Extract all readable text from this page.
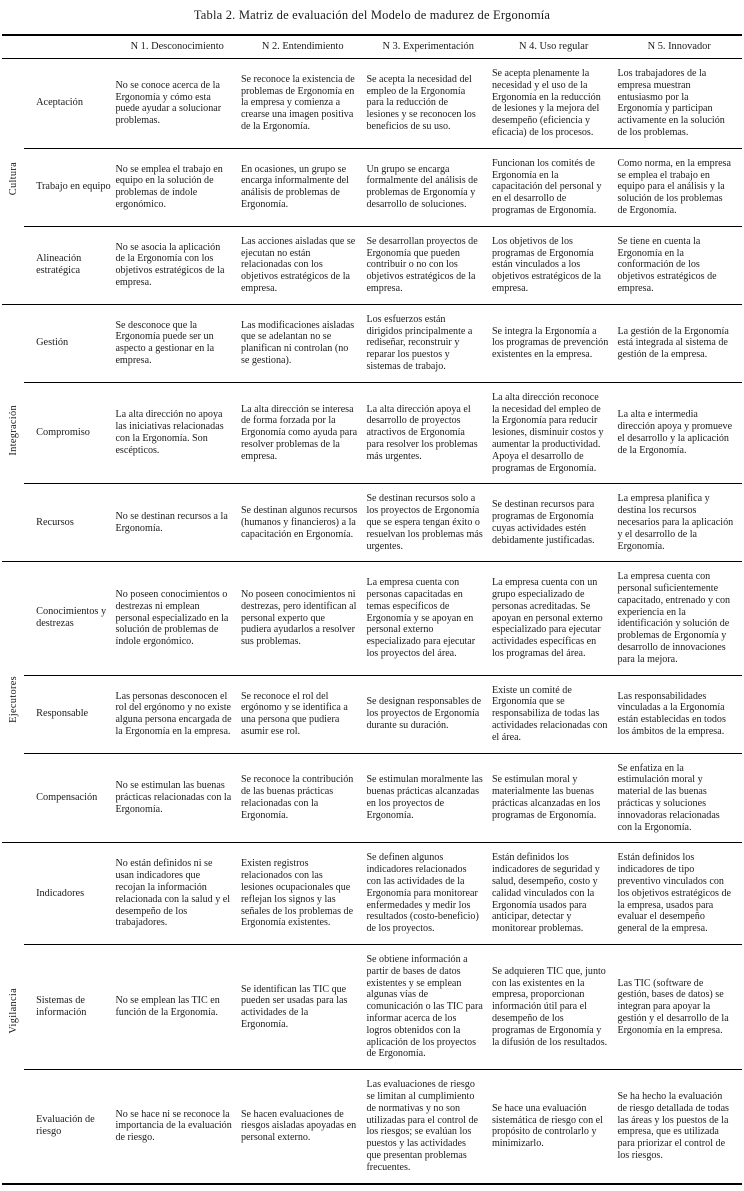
Tabla 2. Matriz de evaluación del Modelo de madurez de Ergonomía
		N 1. Desconocimiento	N 2. Entendimiento	N 3. Experimentación	N 4. Uso regular	N 5. Innovador
Cultura	Aceptación	No se conoce acerca de la Ergonomía y cómo esta puede ayudar a solucionar problemas.	Se reconoce la existencia de problemas de Ergonomía en la empresa y comienza a crearse una imagen positiva de la Ergonomía.	Se acepta la necesidad del empleo de la Ergonomía para la reducción de lesiones y se reconocen los beneficios de su uso.	Se acepta plenamente la necesidad y el uso de la Ergonomía en la reducción de lesiones y la mejora del desempeño (eficiencia y eficacia) de los procesos.	Los trabajadores de la empresa muestran entusiasmo por la Ergonomía y participan activamente en la solución de los problemas.
	Trabajo en equipo	No se emplea el trabajo en equipo en la solución de problemas de índole ergonómico.	En ocasiones, un grupo se encarga informalmente del análisis de problemas de Ergonomía.	Un grupo se encarga formalmente del análisis de problemas de Ergonomía y desarrollo de soluciones.	Funcionan los comités de Ergonomía en la capacitación del personal y en el desarrollo de programas de Ergonomía.	Como norma, en la empresa se emplea el trabajo en equipo para el análisis y la solución de los problemas de Ergonomía.
	Alineación estratégica	No se asocia la aplicación de la Ergonomía con los objetivos estratégicos de la empresa.	Las acciones aisladas que se ejecutan no están relacionadas con los objetivos estratégicos de la empresa.	Se desarrollan proyectos de Ergonomía que pueden contribuir o no con los objetivos estratégicos de la empresa.	Los objetivos de los programas de Ergonomía están vinculados a los objetivos estratégicos de la empresa.	Se tiene en cuenta la Ergonomía en la conformación de los objetivos estratégicos de empresa.
Integración	Gestión	Se desconoce que la Ergonomía puede ser un aspecto a gestionar en la empresa.	Las modificaciones aisladas que se adelantan no se planifican ni controlan (no se gestiona).	Los esfuerzos están dirigidos principalmente a rediseñar, reconstruir y reparar los puestos y sistemas de trabajo.	Se integra la Ergonomía a los programas de prevención existentes en la empresa.	La gestión de la Ergonomía está integrada al sistema de gestión de la empresa.
	Compromiso	La alta dirección no apoya las iniciativas relacionadas con la Ergonomía. Son escépticos.	La alta dirección se interesa de forma forzada por la Ergonomía como ayuda para resolver problemas de la empresa.	La alta dirección apoya el desarrollo de proyectos atractivos de Ergonomía para resolver los problemas más urgentes.	La alta dirección reconoce la necesidad del empleo de la Ergonomía para reducir lesiones, disminuir costos y aumentar la productividad. Apoya el desarrollo de programas de Ergonomía.	La alta e intermedia dirección apoya y promueve el desarrollo y la aplicación de la Ergonomía.
	Recursos	No se destinan recursos a la Ergonomía.	Se destinan algunos recursos (humanos y financieros) a la capacitación en Ergonomía.	Se destinan recursos solo a los proyectos de Ergonomía que se espera tengan éxito o resuelvan los problemas más urgentes.	Se destinan recursos para programas de Ergonomía cuyas actividades estén debidamente justificadas.	La empresa planifica y destina los recursos necesarios para la aplicación y el desarrollo de la Ergonomía.
Ejecutores	Conocimientos y destrezas	No poseen conocimientos o destrezas ni emplean personal especializado en la solución de problemas de índole ergonómico.	No poseen conocimientos ni destrezas, pero identifican al personal experto que pudiera ayudarlos a resolver sus problemas.	La empresa cuenta con personas capacitadas en temas específicos de Ergonomía y se apoyan en personal externo especializado para ejecutar los proyectos del área.	La empresa cuenta con un grupo especializado de personas acreditadas. Se apoyan en personal externo especializado para ejecutar actividades específicas en los programas del área.	La empresa cuenta con personal suficientemente capacitado, entrenado y con experiencia en la identificación y solución de problemas de Ergonomía y desarrollo de innovaciones para la mejora.
	Responsable	Las personas desconocen el rol del ergónomo y no existe alguna persona encargada de la Ergonomía en la empresa.	Se reconoce el rol del ergónomo y se identifica a una persona que pudiera asumir ese rol.	Se designan responsables de los proyectos de Ergonomía durante su duración.	Existe un comité de Ergonomía que se responsabiliza de todas las actividades relacionadas con el área.	Las responsabilidades vinculadas a la Ergonomía están establecidas en todos los ámbitos de la empresa.
	Compensación	No se estimulan las buenas prácticas relacionadas con la Ergonomía.	Se reconoce la contribución de las buenas prácticas relacionadas con la Ergonomía.	Se estimulan moralmente las buenas prácticas alcanzadas en los proyectos de Ergonomía.	Se estimulan moral y materialmente las buenas prácticas alcanzadas en los programas de Ergonomía.	Se enfatiza en la estimulación moral y material de las buenas prácticas y soluciones innovadoras relacionadas con la Ergonomía.
Vigilancia	Indicadores	No están definidos ni se usan indicadores que recojan la información relacionada con la salud y el desempeño de los trabajadores.	Existen registros relacionados con las lesiones ocupacionales que reflejan los signos y las señales de los problemas de Ergonomía existentes.	Se definen algunos indicadores relacionados con las actividades de la Ergonomía para monitorear enfermedades y medir los resultados (costo-beneficio) de los proyectos.	Están definidos los indicadores de seguridad y salud, desempeño, costo y calidad vinculados con la Ergonomía usados para anticipar, detectar y monitorear problemas.	Están definidos los indicadores de tipo preventivo vinculados con los objetivos estratégicos de la empresa, usados para evaluar el desempeño general de la empresa.
	Sistemas de información	No se emplean las TIC en función de la Ergonomía.	Se identifican las TIC que pueden ser usadas para las actividades de la Ergonomía.	Se obtiene información a partir de bases de datos existentes y se emplean algunas vías de comunicación o las TIC para informar acerca de los logros obtenidos con la aplicación de los proyectos de Ergonomía.	Se adquieren TIC que, junto con las existentes en la empresa, proporcionan información útil para el desempeño de los programas de Ergonomía y la difusión de los resultados.	Las TIC (software de gestión, bases de datos) se integran para apoyar la gestión y el desarrollo de la Ergonomía en la empresa.
	Evaluación de riesgo	No se hace ni se reconoce la importancia de la evaluación de riesgo.	Se hacen evaluaciones de riesgos aisladas apoyadas en personal externo.	Las evaluaciones de riesgo se limitan al cumplimiento de normativas y no son utilizadas para el control de los riesgos; se evalúan los puestos y las actividades que presentan problemas frecuentes.	Se hace una evaluación sistemática de riesgo con el propósito de controlarlo y minimizarlo.	Se ha hecho la evaluación de riesgo detallada de todas las áreas y los puestos de la empresa, que es utilizada para priorizar el control de los riesgos.
